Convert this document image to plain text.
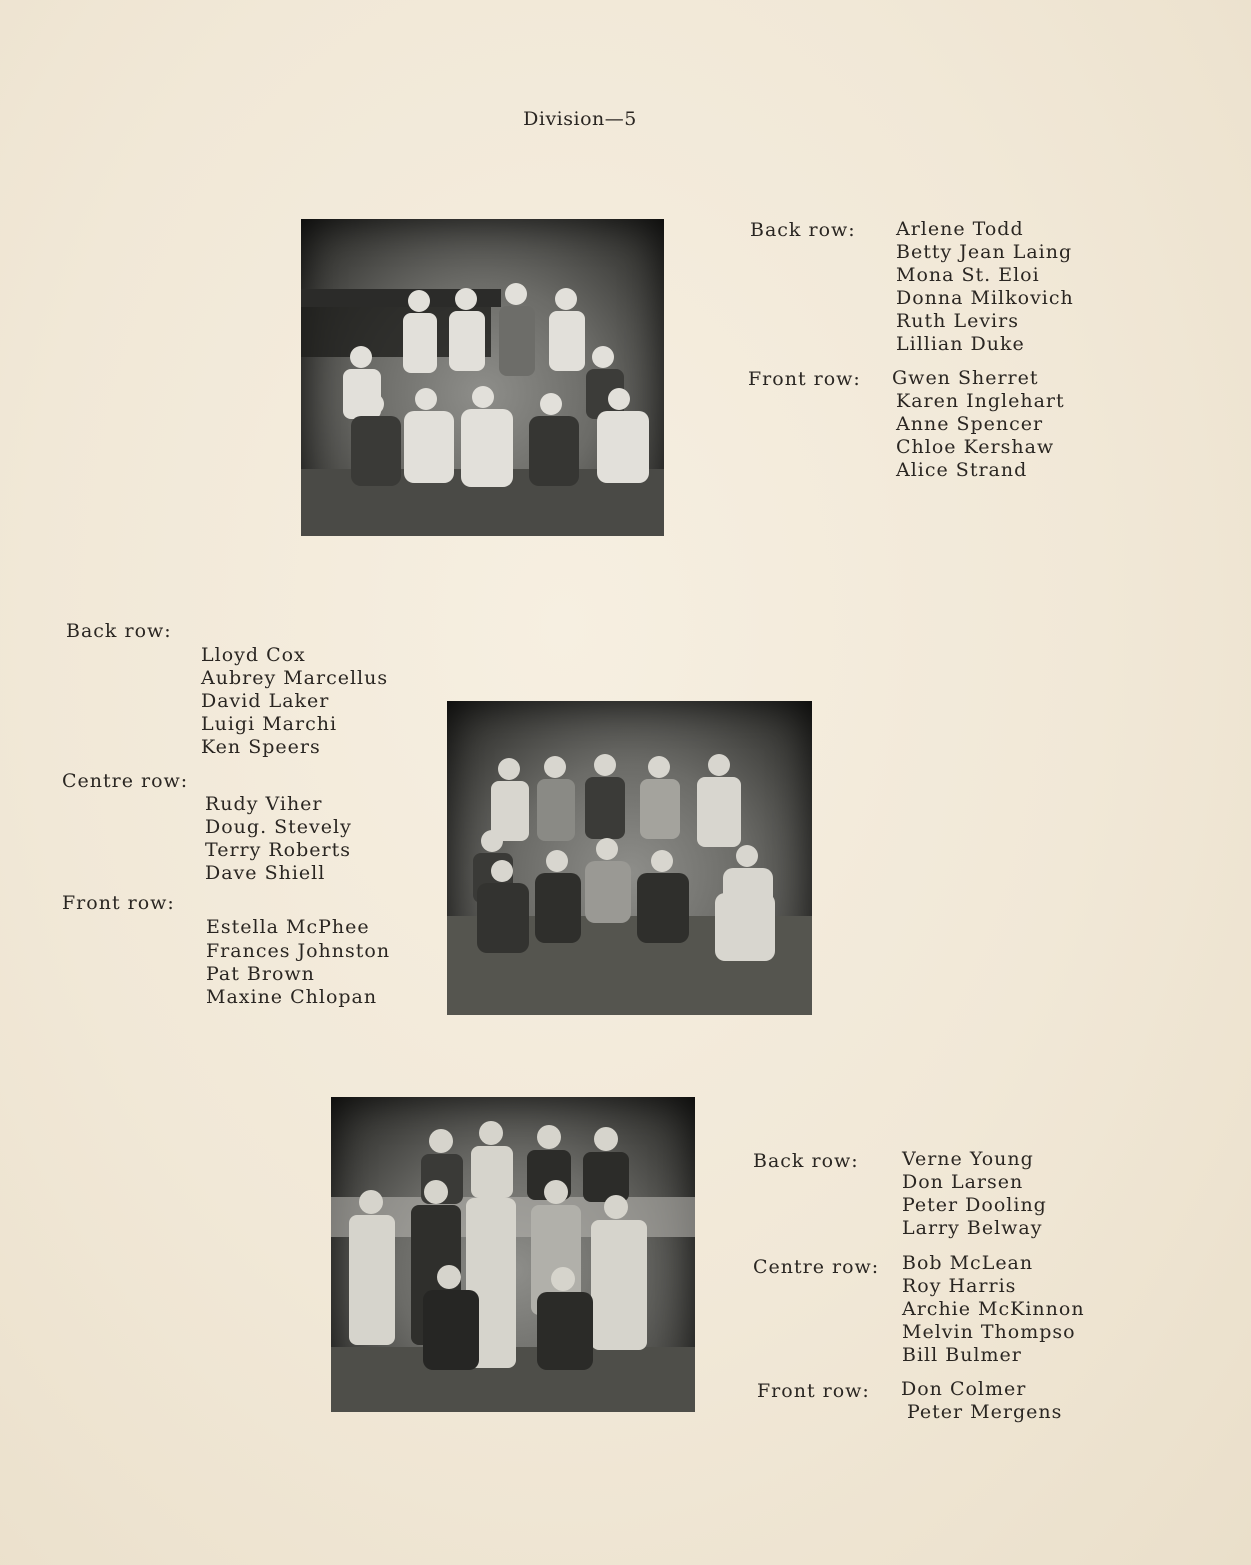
Division—5
Back row: Arlene Todd
Betty Jean Laing
Mona St. Eloi
Donna Milkovich
Ruth Levirs
Lillian Duke
Front row: Gwen Sherret
Karen Inglehart
Anne Spencer
Chloe Kershaw
Alice Strand
Back row:
Lloyd Cox
Aubrey Marcellus
David Laker
Luigi Marchi
Ken Speers
Centre row:
Rudy Viher
Doug. Stevely
Terry Roberts
Dave Shiell
Front row:
Estella McPhee
Frances Johnston
Pat Brown
Maxine Chlopan
Back row: Verne Young
Don Larsen
Peter Dooling
Larry Belway
Centre row: Bob McLean
Roy Harris
Archie McKinnon
Melvin Thompso
Bill Bulmer
Front row: Don Colmer
Peter Mergens
